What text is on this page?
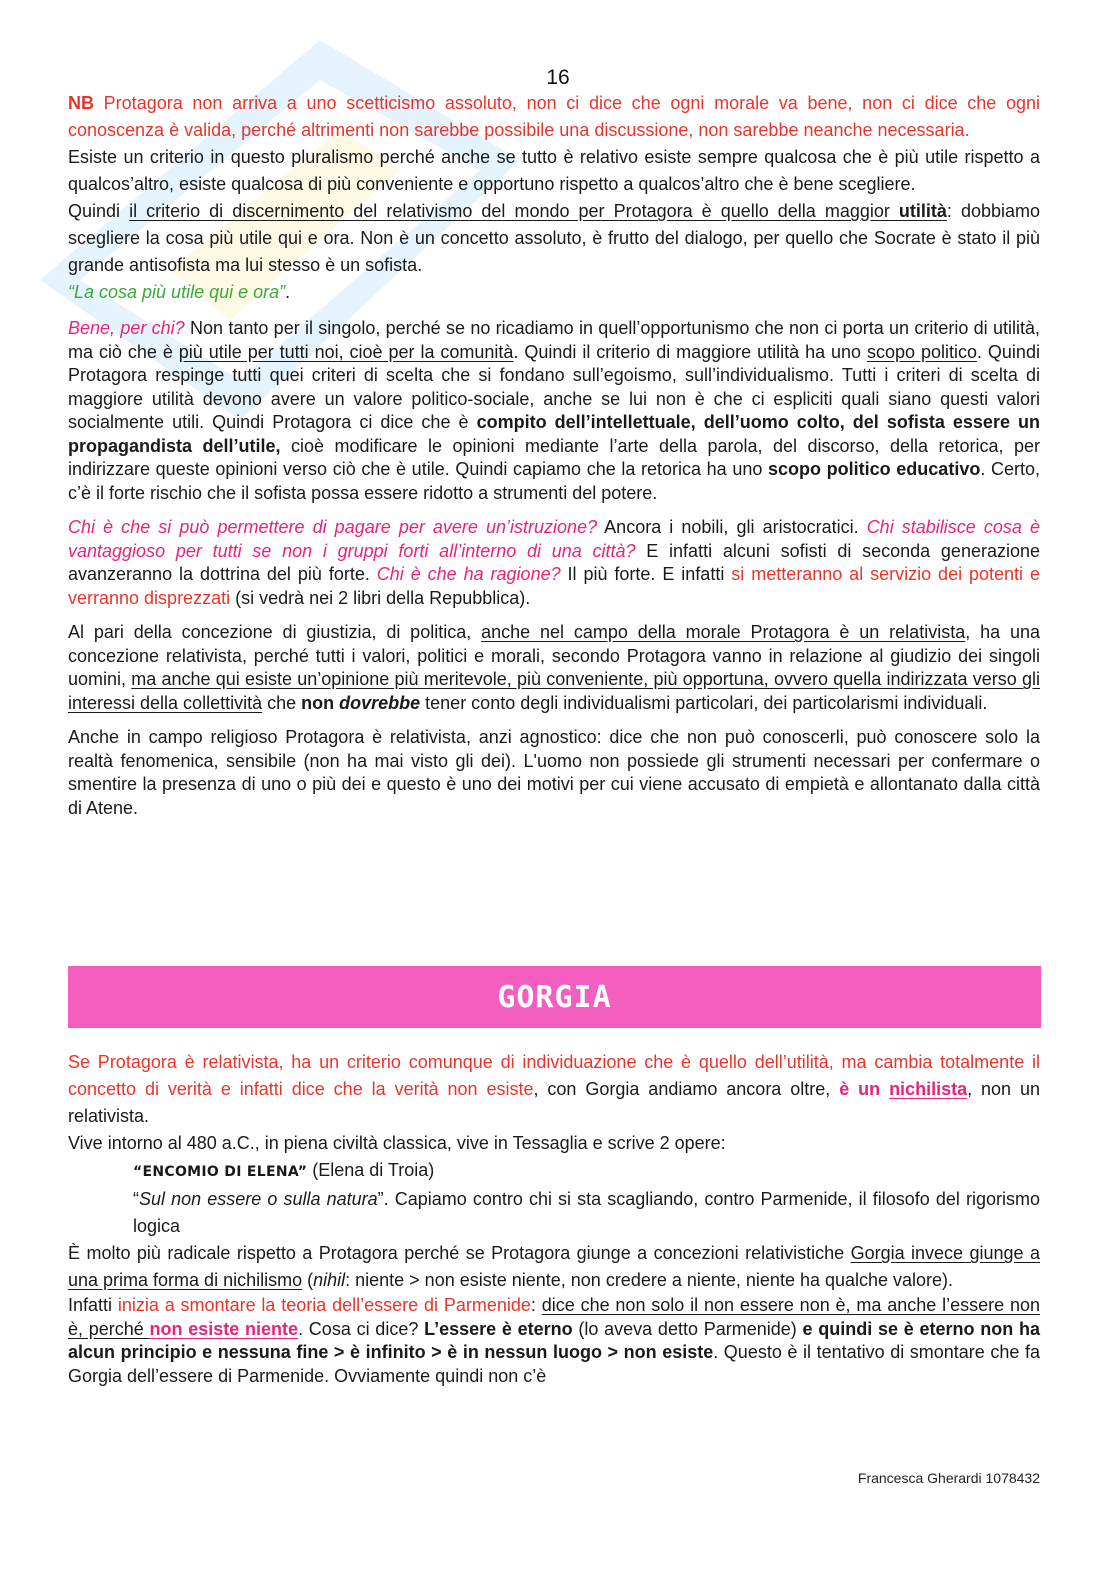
16

NB Protagora non arriva a uno scetticismo assoluto, non ci dice che ogni morale va bene, non ci dice che ogni conoscenza è valida, perché altrimenti non sarebbe possibile una discussione, non sarebbe neanche necessaria.

Esiste un criterio in questo pluralismo perché anche se tutto è relativo esiste sempre qualcosa che è più utile rispetto a qualcos’altro, esiste qualcosa di più conveniente e opportuno rispetto a qualcos’altro che è bene scegliere.

Quindi il criterio di discernimento del relativismo del mondo per Protagora è quello della maggior utilità: dobbiamo scegliere la cosa più utile qui e ora. Non è un concetto assoluto, è frutto del dialogo, per quello che Socrate è stato il più grande antisofista ma lui stesso è un sofista.

“La cosa più utile qui e ora”.

Bene, per chi? Non tanto per il singolo, perché se no ricadiamo in quell’opportunismo che non ci porta un criterio di utilità, ma ciò che è più utile per tutti noi, cioè per la comunità. Quindi il criterio di maggiore utilità ha uno scopo politico. Quindi Protagora respinge tutti quei criteri di scelta che si fondano sull’egoismo, sull’individualismo. Tutti i criteri di scelta di maggiore utilità devono avere un valore politico-sociale, anche se lui non è che ci espliciti quali siano questi valori socialmente utili. Quindi Protagora ci dice che è compito dell’intellettuale, dell’uomo colto, del sofista essere un propagandista dell’utile, cioè modificare le opinioni mediante l’arte della parola, del discorso, della retorica, per indirizzare queste opinioni verso ciò che è utile. Quindi capiamo che la retorica ha uno scopo politico educativo. Certo, c’è il forte rischio che il sofista possa essere ridotto a strumenti del potere.

Chi è che si può permettere di pagare per avere un’istruzione? Ancora i nobili, gli aristocratici. Chi stabilisce cosa è vantaggioso per tutti se non i gruppi forti all’interno di una città? E infatti alcuni sofisti di seconda generazione avanzeranno la dottrina del più forte. Chi è che ha ragione? Il più forte. E infatti si metteranno al servizio dei potenti e verranno disprezzati (si vedrà nei 2 libri della Repubblica).

Al pari della concezione di giustizia, di politica, anche nel campo della morale Protagora è un relativista, ha una concezione relativista, perché tutti i valori, politici e morali, secondo Protagora vanno in relazione al giudizio dei singoli uomini, ma anche qui esiste un’opinione più meritevole, più conveniente, più opportuna, ovvero quella indirizzata verso gli interessi della collettività che non dovrebbe tener conto degli individualismi particolari, dei particolarismi individuali.

Anche in campo religioso Protagora è relativista, anzi agnostico: dice che non può conoscerli, può conoscere solo la realtà fenomenica, sensibile (non ha mai visto gli dei). L'uomo non possiede gli strumenti necessari per confermare o smentire la presenza di uno o più dei e questo è uno dei motivi per cui viene accusato di empietà e allontanato dalla città di Atene.

GORGIA

Se Protagora è relativista, ha un criterio comunque di individuazione che è quello dell’utilità, ma cambia totalmente il concetto di verità e infatti dice che la verità non esiste, con Gorgia andiamo ancora oltre, è un nichilista, non un relativista.

Vive intorno al 480 a.C., in piena civiltà classica, vive in Tessaglia e scrive 2 opere:

“ENCOMIO DI ELENA” (Elena di Troia)

“Sul non essere o sulla natura”. Capiamo contro chi si sta scagliando, contro Parmenide, il filosofo del rigorismo logica

È molto più radicale rispetto a Protagora perché se Protagora giunge a concezioni relativistiche Gorgia invece giunge a una prima forma di nichilismo (nihil: niente > non esiste niente, non credere a niente, niente ha qualche valore).

Infatti inizia a smontare la teoria dell’essere di Parmenide: dice che non solo il non essere non è, ma anche l’essere non è, perché non esiste niente. Cosa ci dice? L’essere è eterno (lo aveva detto Parmenide) e quindi se è eterno non ha alcun principio e nessuna fine > è infinito > è in nessun luogo > non esiste. Questo è il tentativo di smontare che fa Gorgia dell’essere di Parmenide. Ovviamente quindi non c’è

Francesca Gherardi 1078432
